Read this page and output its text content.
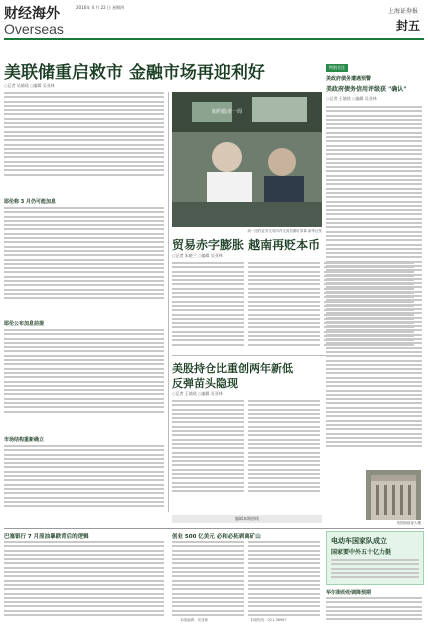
财经海外
Overseas
2016年 4 月 22 日 星期四
上海证券报
封五
美联储重启救市 金融市场再迎利好
○记者 吴婧琰 ○编辑 吴亚林
耶伦称 3 月仍可能加息
耶伦公布加息前提
市场结构重新确立
纽约股市一周
周一纽约证券交易所内交易员紧盯屏幕 新华社发
贸易赤字膨胀 越南再贬本币
○记者 朱晓兰 ○编辑 吴亚林
美股持仓比重创两年新低
反弹苗头隐现
○记者 王婧琰 ○编辑 吴亚林
特别关注
美政府债务遭遇预警
美政府债务信用评级获 "确认"
○记者 王婧琰 ○编辑 吴亚林
美国财政部大楼
电动车国家队成立
国家要中外五十亿力挺
编辑本期热线
巴塞银行 7 月原油暴跌背后的逻辑	创业 500 亿美元 必和必拓剥离矿山
华尔街纷纷调降预期
本版编辑：吴亚林	本版热线：021-38967
